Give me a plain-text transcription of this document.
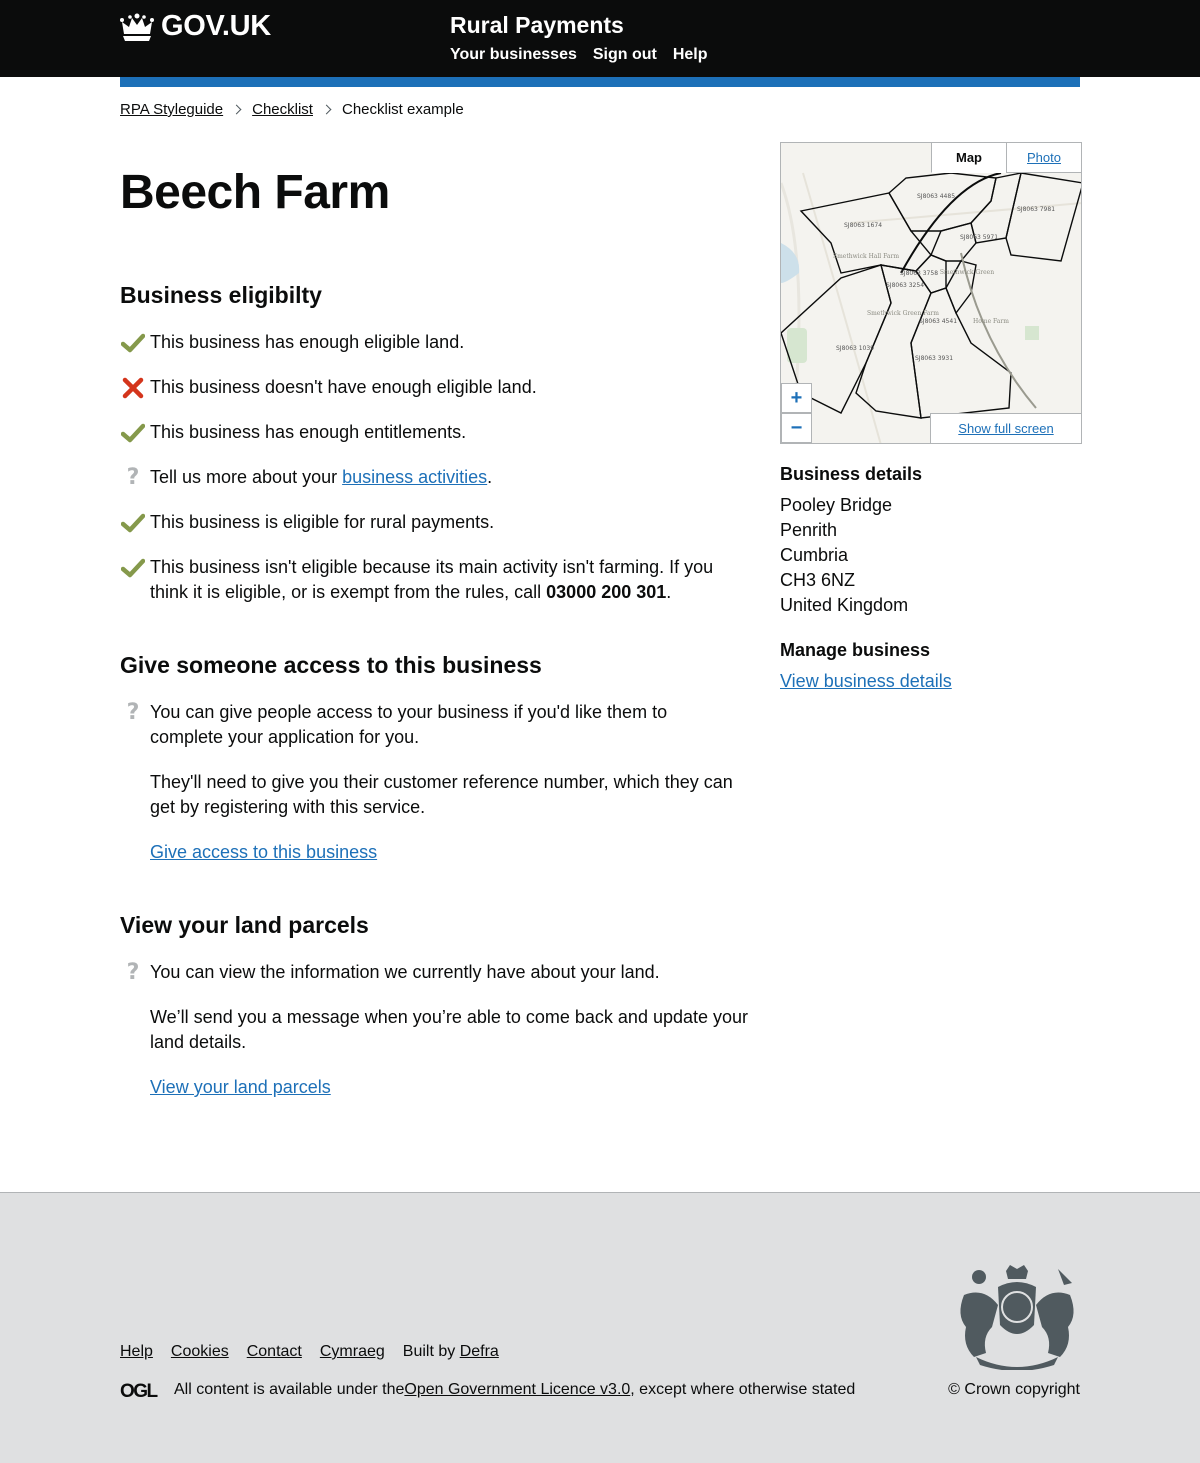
GOV.UK	Rural Payments
Your businesses Sign out Help
RPA Styleguide Checklist Checklist example
Beech Farm
Business eligibilty
This business has enough eligible land.
This business doesn't have enough eligible land.
This business has enough entitlements.
? Tell us more about your business activities.
This business is eligible for rural payments.
This business isn't eligible because its main activity isn't farming. If you think it is eligible, or is exempt from the rules, call 03000 200 301.
Give someone access to this business
? You can give people access to your business if you'd like them to complete your application for you.

They'll need to give you their customer reference number, which they can get by registering with this service.

Give access to this business
View your land parcels
? You can view the information we currently have about your land.

We’ll send you a message when you’re able to come back and update your land details.

View your land parcels
SJ8063 4485
SJ8063 7981
SJ8063 1674
SJ8063 5971
SJ8063 1039
SJ8063 3931
SJ8063 3254
SJ8063 3758
SJ8063 4541
Smethwick Green
Smethwick Hall Farm
Home Farm
Smethwick Green Farm
Map	Photo
+
−	Show full screen
Business details
Pooley Bridge
Penrith
Cumbria
CH3 6NZ
United Kingdom
Manage business
View business details
Help Cookies Contact Cymraeg Built by Defra
OGL All content is available under the Open Government Licence v3.0 , except where otherwise stated	© Crown copyright
